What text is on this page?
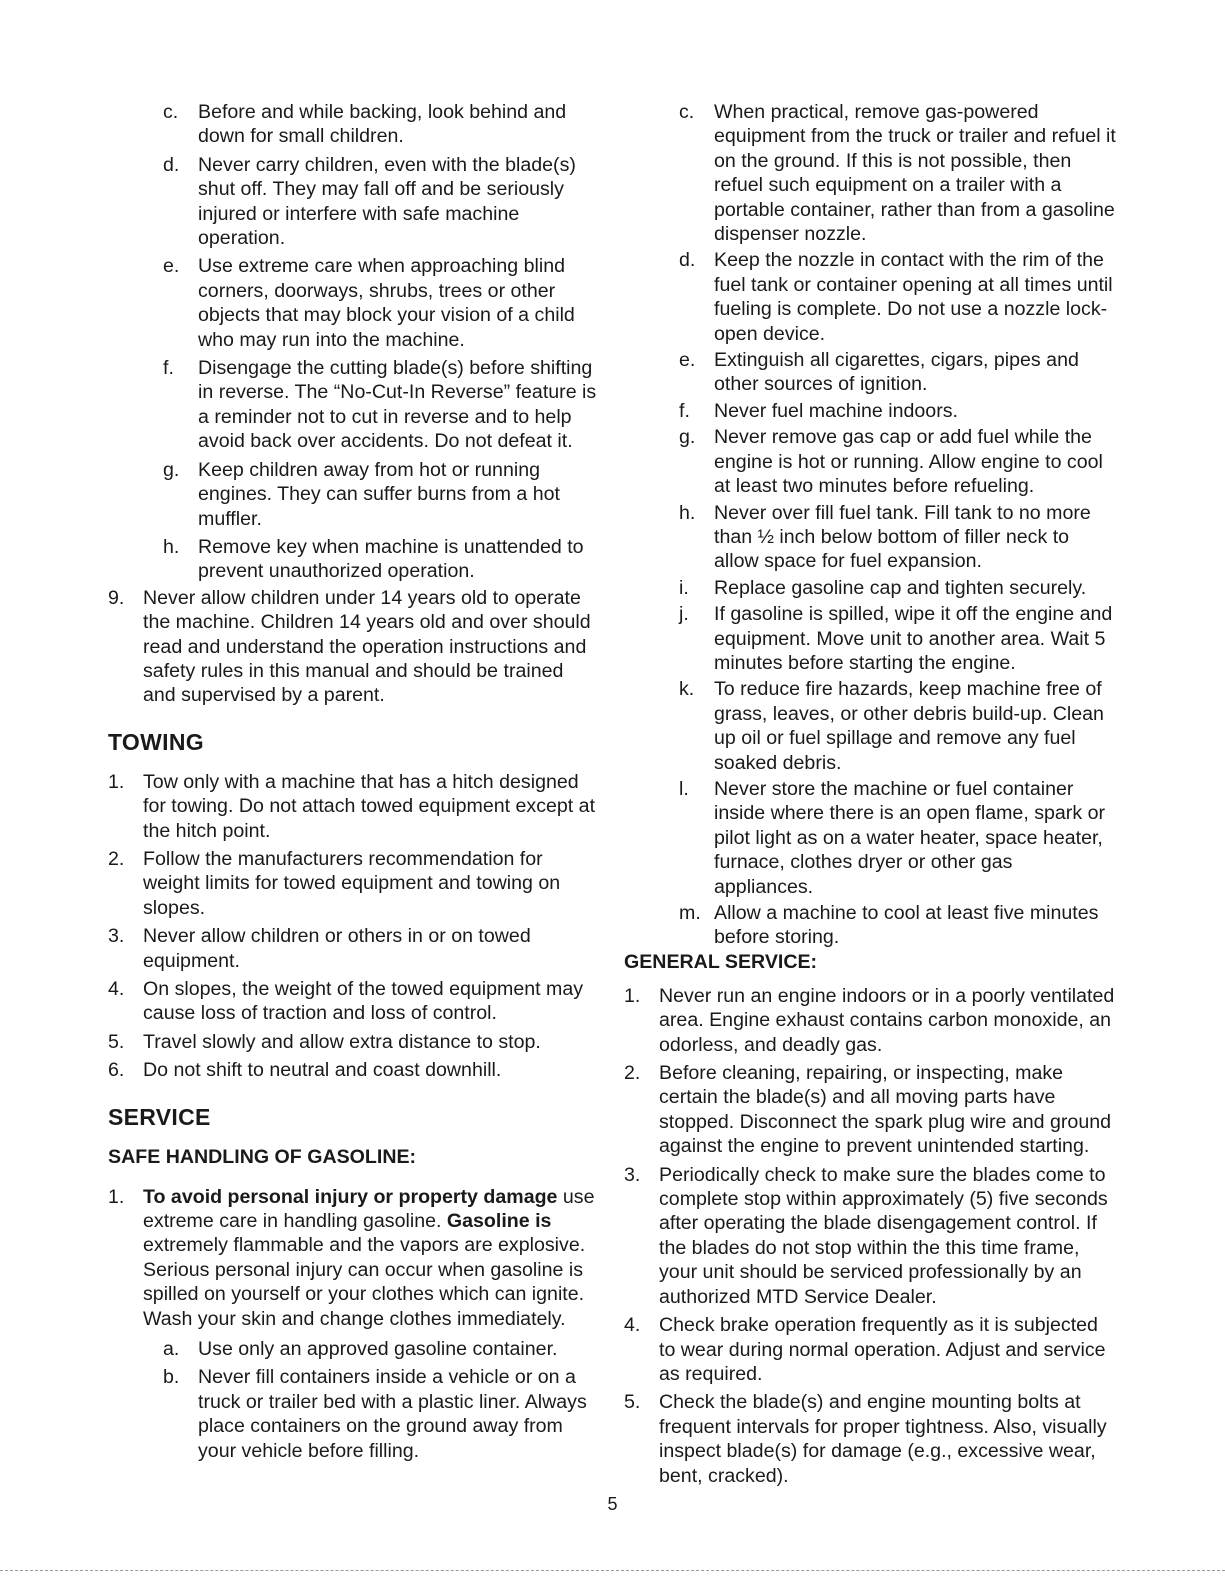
c. Before and while backing, look behind and down for small children.
d. Never carry children, even with the blade(s) shut off. They may fall off and be seriously injured or interfere with safe machine operation.
e. Use extreme care when approaching blind corners, doorways, shrubs, trees or other objects that may block your vision of a child who may run into the machine.
f. Disengage the cutting blade(s) before shifting in reverse. The “No-Cut-In Reverse” feature is a reminder not to cut in reverse and to help avoid back over accidents. Do not defeat it.
g. Keep children away from hot or running engines. They can suffer burns from a hot muffler.
h. Remove key when machine is unattended to prevent unauthorized operation.
9. Never allow children under 14 years old to operate the machine. Children 14 years old and over should read and understand the operation instructions and safety rules in this manual and should be trained and supervised by a parent.
TOWING
1. Tow only with a machine that has a hitch designed for towing. Do not attach towed equipment except at the hitch point.
2. Follow the manufacturers recommendation for weight limits for towed equipment and towing on slopes.
3. Never allow children or others in or on towed equipment.
4. On slopes, the weight of the towed equipment may cause loss of traction and loss of control.
5. Travel slowly and allow extra distance to stop.
6. Do not shift to neutral and coast downhill.
SERVICE
SAFE HANDLING OF GASOLINE:
1. To avoid personal injury or property damage use extreme care in handling gasoline. Gasoline is extremely flammable and the vapors are explosive. Serious personal injury can occur when gasoline is spilled on yourself or your clothes which can ignite. Wash your skin and change clothes immediately.
a. Use only an approved gasoline container.
b. Never fill containers inside a vehicle or on a truck or trailer bed with a plastic liner. Always place containers on the ground away from your vehicle before filling.
c. When practical, remove gas-powered equipment from the truck or trailer and refuel it on the ground. If this is not possible, then refuel such equipment on a trailer with a portable container, rather than from a gasoline dispenser nozzle.
d. Keep the nozzle in contact with the rim of the fuel tank or container opening at all times until fueling is complete. Do not use a nozzle lock-open device.
e. Extinguish all cigarettes, cigars, pipes and other sources of ignition.
f. Never fuel machine indoors.
g. Never remove gas cap or add fuel while the engine is hot or running. Allow engine to cool at least two minutes before refueling.
h. Never over fill fuel tank. Fill tank to no more than ½ inch below bottom of filler neck to allow space for fuel expansion.
i. Replace gasoline cap and tighten securely.
j. If gasoline is spilled, wipe it off the engine and equipment. Move unit to another area. Wait 5 minutes before starting the engine.
k. To reduce fire hazards, keep machine free of grass, leaves, or other debris build-up. Clean up oil or fuel spillage and remove any fuel soaked debris.
l. Never store the machine or fuel container inside where there is an open flame, spark or pilot light as on a water heater, space heater, furnace, clothes dryer or other gas appliances.
m. Allow a machine to cool at least five minutes before storing.
GENERAL SERVICE:
1. Never run an engine indoors or in a poorly ventilated area. Engine exhaust contains carbon monoxide, an odorless, and deadly gas.
2. Before cleaning, repairing, or inspecting, make certain the blade(s) and all moving parts have stopped. Disconnect the spark plug wire and ground against the engine to prevent unintended starting.
3. Periodically check to make sure the blades come to complete stop within approximately (5) five seconds after operating the blade disengagement control. If the blades do not stop within the this time frame, your unit should be serviced professionally by an authorized MTD Service Dealer.
4. Check brake operation frequently as it is subjected to wear during normal operation. Adjust and service as required.
5. Check the blade(s) and engine mounting bolts at frequent intervals for proper tightness. Also, visually inspect blade(s) for damage (e.g., excessive wear, bent, cracked).
5
